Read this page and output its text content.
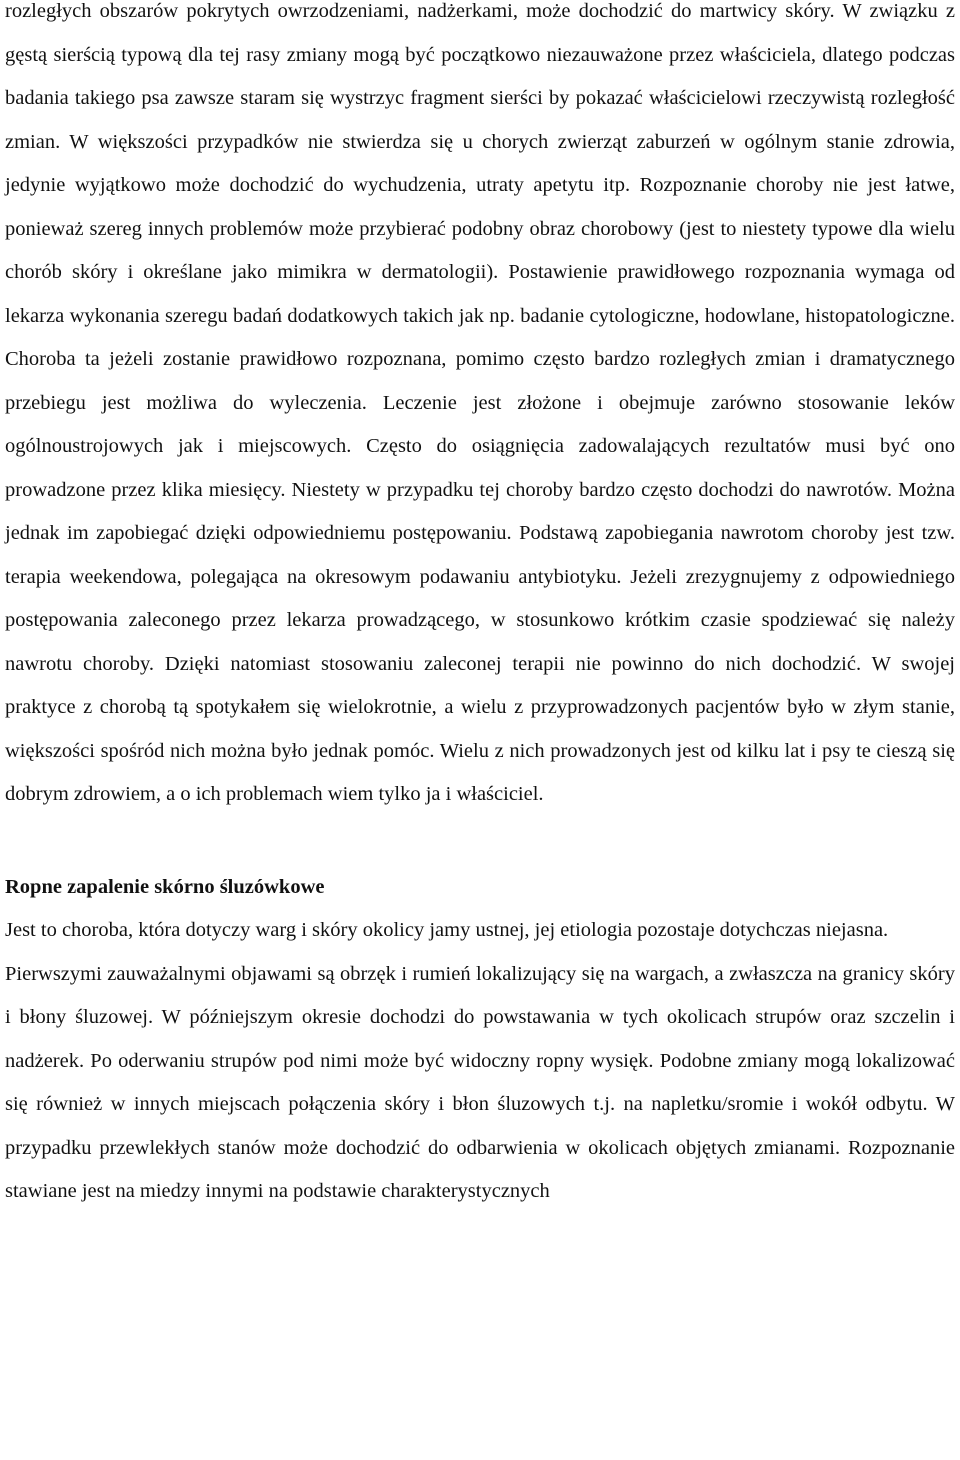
rozległych obszarów pokrytych owrzodzeniami, nadżerkami, może dochodzić do martwicy skóry. W związku z gęstą sierścią typową dla tej rasy zmiany mogą być początkowo niezauważone przez właściciela, dlatego podczas badania takiego psa zawsze staram się wystrzyc fragment sierści by pokazać właścicielowi rzeczywistą rozległość zmian. W większości przypadków nie stwierdza się u chorych zwierząt zaburzeń w ogólnym stanie zdrowia, jedynie wyjątkowo może dochodzić do wychudzenia, utraty apetytu itp. Rozpoznanie choroby nie jest łatwe, ponieważ szereg innych problemów może przybierać podobny obraz chorobowy (jest to niestety typowe dla wielu chorób skóry i określane jako mimikra w dermatologii). Postawienie prawidłowego rozpoznania wymaga od lekarza wykonania szeregu badań dodatkowych takich jak np. badanie cytologiczne, hodowlane, histopatologiczne. Choroba ta jeżeli zostanie prawidłowo rozpoznana, pomimo często bardzo rozległych zmian i dramatycznego przebiegu jest możliwa do wyleczenia. Leczenie jest złożone i obejmuje zarówno stosowanie leków ogólnoustrojowych jak i miejscowych. Często do osiągnięcia zadowalających rezultatów musi być ono prowadzone przez klika miesięcy. Niestety w przypadku tej choroby bardzo często dochodzi do nawrotów. Można jednak im zapobiegać dzięki odpowiedniemu postępowaniu. Podstawą zapobiegania nawrotom choroby jest tzw. terapia weekendowa, polegająca na okresowym podawaniu antybiotyku. Jeżeli zrezygnujemy z odpowiedniego postępowania zaleconego przez lekarza prowadzącego, w stosunkowo krótkim czasie spodziewać się należy nawrotu choroby. Dzięki natomiast stosowaniu zaleconej terapii nie powinno do nich dochodzić. W swojej praktyce z chorobą tą spotykałem się wielokrotnie, a wielu z przyprowadzonych pacjentów było w złym stanie, większości spośród nich można było jednak pomóc. Wielu z nich prowadzonych jest od kilku lat i psy te cieszą się dobrym zdrowiem, a o ich problemach wiem tylko ja i właściciel.

Ropne zapalenie skórno śluzówkowe

Jest to choroba, która dotyczy warg i skóry okolicy jamy ustnej, jej etiologia pozostaje dotychczas niejasna.

Pierwszymi zauważalnymi objawami są obrzęk i rumień lokalizujący się na wargach, a zwłaszcza na granicy skóry i błony śluzowej. W późniejszym okresie dochodzi do powstawania w tych okolicach strupów oraz szczelin i nadżerek. Po oderwaniu strupów pod nimi może być widoczny ropny wysięk. Podobne zmiany mogą lokalizować się również w innych miejscach połączenia skóry i błon śluzowych t.j. na napletku/sromie i wokół odbytu. W przypadku przewlekłych stanów może dochodzić do odbarwienia w okolicach objętych zmianami. Rozpoznanie stawiane jest na miedzy innymi na podstawie charakterystycznych
